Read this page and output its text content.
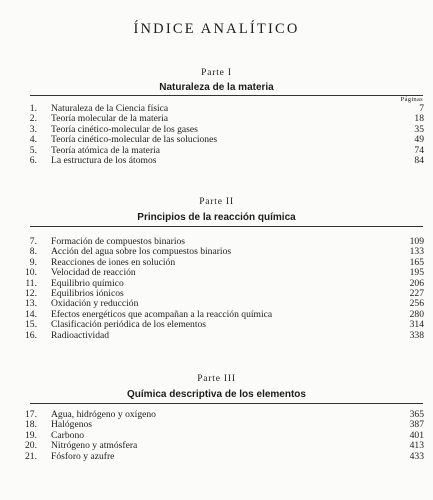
ÍNDICE ANALÍTICO
Parte I
Naturaleza de la materia
Páginas
1. Naturaleza de la Ciencia física	7
2. Teoría molecular de la materia	18
3. Teoría cinético-molecular de los gases	35
4. Teoría cinético-molecular de las soluciones	49
5. Teoría atómica de la materia	74
6. La estructura de los átomos	84
Parte II
Principios de la reacción química
7. Formación de compuestos binarios	109
8. Acción del agua sobre los compuestos binarios	133
9. Reacciones de iones en solución	165
10. Velocidad de reacción	195
11. Equilibrio químico	206
12. Equilibrios iónicos	227
13. Oxidación y reducción	256
14. Efectos energéticos que acompañan a la reacción química	280
15. Clasificación periódica de los elementos	314
16. Radioactividad	338
Parte III
Química descriptiva de los elementos
17. Agua, hidrógeno y oxígeno	365
18. Halógenos	387
19. Carbono	401
20. Nitrógeno y atmósfera	413
21. Fósforo y azufre	433
